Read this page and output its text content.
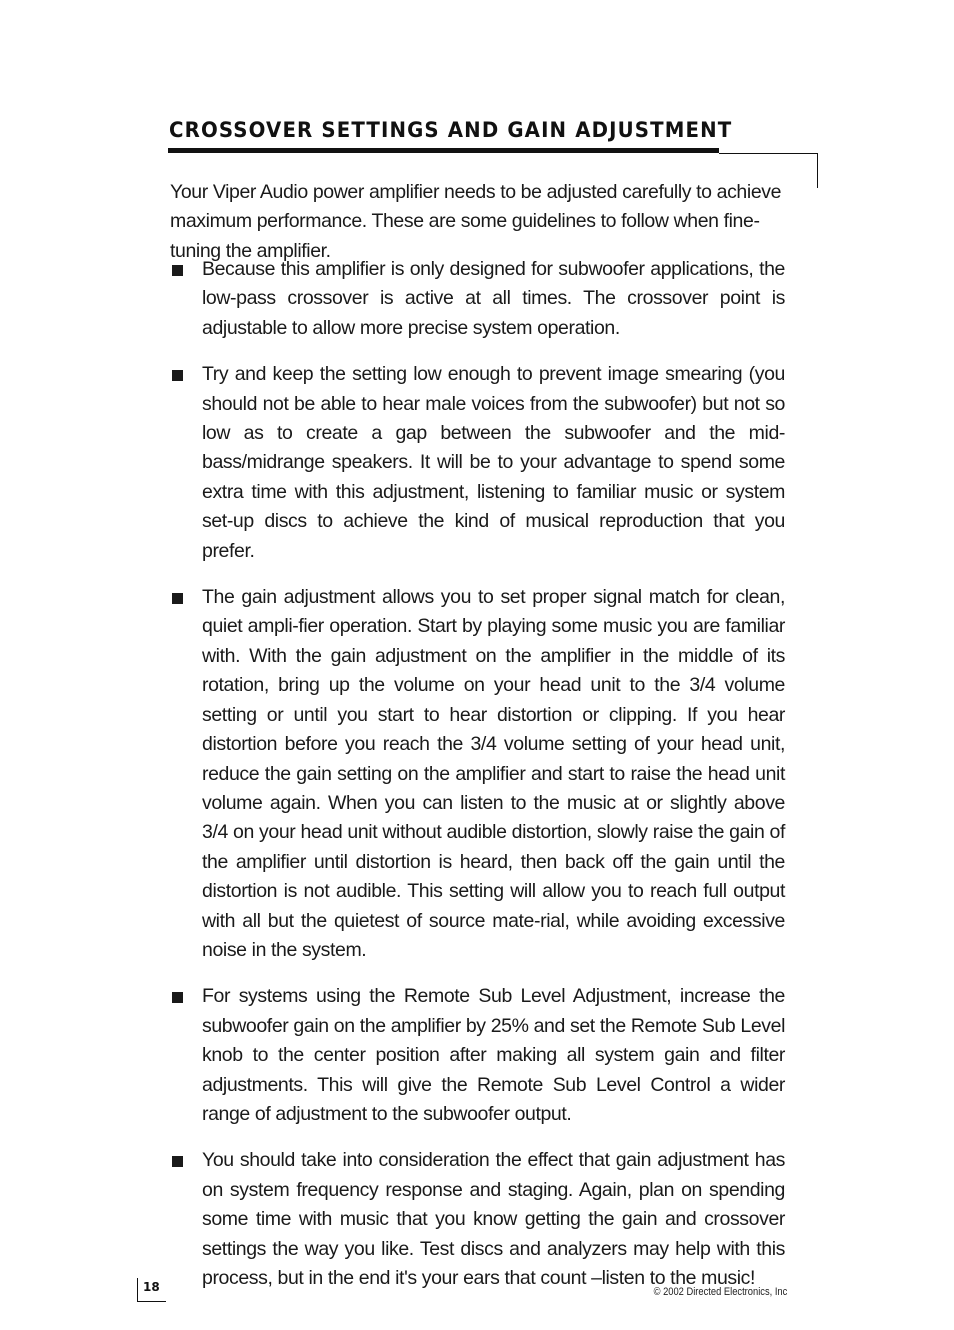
CROSSOVER SETTINGS AND GAIN ADJUSTMENT

Your Viper Audio power amplifier needs to be adjusted carefully to achieve maximum performance. These are some guidelines to follow when fine-tuning the amplifier.

Because this amplifier is only designed for subwoofer applications, the low-pass crossover is active at all times. The crossover point is adjustable to allow more precise system operation.
Try and keep the setting low enough to prevent image smearing (you should not be able to hear male voices from the subwoofer) but not so low as to create a gap between the subwoofer and the mid-bass/midrange speakers. It will be to your advantage to spend some extra time with this adjustment, listening to familiar music or system set-up discs to achieve the kind of musical reproduction that you prefer.
The gain adjustment allows you to set proper signal match for clean, quiet ampli-fier operation. Start by playing some music you are familiar with. With the gain adjustment on the amplifier in the middle of its rotation, bring up the volume on your head unit to the 3/4 volume setting or until you start to hear distortion or clipping. If you hear distortion before you reach the 3/4 volume setting of your head unit, reduce the gain setting on the amplifier and start to raise the head unit volume again. When you can listen to the music at or slightly above 3/4 on your head unit without audible distortion, slowly raise the gain of the amplifier until distortion is heard, then back off the gain until the distortion is not audible. This setting will allow you to reach full output with all but the quietest of source mate-rial, while avoiding excessive noise in the system.
For systems using the Remote Sub Level Adjustment, increase the subwoofer gain on the amplifier by 25% and set the Remote Sub Level knob to the center position after making all system gain and filter adjustments. This will give the Remote Sub Level Control a wider range of adjustment to the subwoofer output.
You should take into consideration the effect that gain adjustment has on system frequency response and staging. Again, plan on spending some time with music that you know getting the gain and crossover settings the way you like. Test discs and analyzers may help with this process, but in the end it's your ears that count –listen to the music!
18	© 2002 Directed Electronics, Inc
